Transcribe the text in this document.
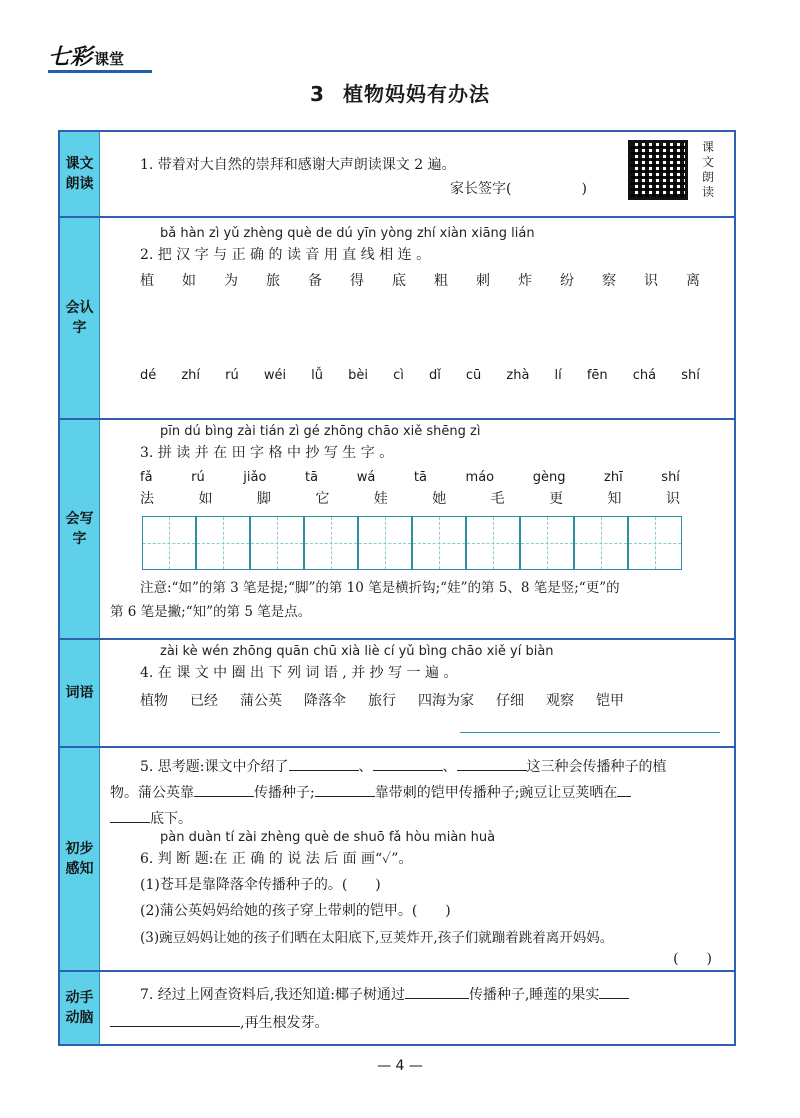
七彩 课堂
3 植物妈妈有办法
课文朗读
1. 带着对大自然的崇拜和感谢大声朗读课文 2 遍。
家长签字(　　　　　)
课文朗读
会认字
bǎ hàn zì yǔ zhèng què de dú yīn yòng zhí xiàn xiāng lián
2. 把 汉 字 与 正 确 的 读 音 用 直 线 相 连 。
植 如 为 旅 备 得 底 粗 刺 炸 纷 察 识 离
dé zhí rú wéi lǚ bèi cì dǐ cū zhà lí fēn chá shí
会写字
pīn dú bìng zài tián zì gé zhōng chāo xiě shēng zì
3. 拼 读 并 在 田 字 格 中 抄 写 生 字 。
fǎ	rú	jiǎo	tā	wá	tā	máo	gèng	zhī	shí
法	如	脚	它	娃	她	毛	更	知	识
注意:“如”的第 3 笔是提;“脚”的第 10 笔是横折钩;“娃”的第 5、8 笔是竖;“更”的
第 6 笔是撇;“知”的第 5 笔是点。
词语
zài kè wén zhōng quān chū xià liè cí yǔ bìng chāo xiě yí biàn
4. 在 课 文 中 圈 出 下 列 词 语 , 并 抄 写 一 遍 。
植物 已经 蒲公英 降落伞 旅行 四海为家 仔细 观察 铠甲
初步感知
5. 思考题:课文中介绍了	、	、	这三种会传播种子的植
物。蒲公英靠	传播种子;	靠带刺的铠甲传播种子;豌豆让豆荚晒在
底下。
pàn duàn tí zài zhèng què de shuō fǎ hòu miàn huà
6. 判 断 题:在 正 确 的 说 法 后 面 画“✓”。
(1)苍耳是靠降落伞传播种子的。(　　)
(2)蒲公英妈妈给她的孩子穿上带刺的铠甲。(　　)
(3)豌豆妈妈让她的孩子们晒在太阳底下,豆荚炸开,孩子们就蹦着跳着离开妈妈。
(　　)
动手动脑
7. 经过上网查资料后,我还知道:椰子树通过	传播种子,睡莲的果实
,再生根发芽。
— 4 —
